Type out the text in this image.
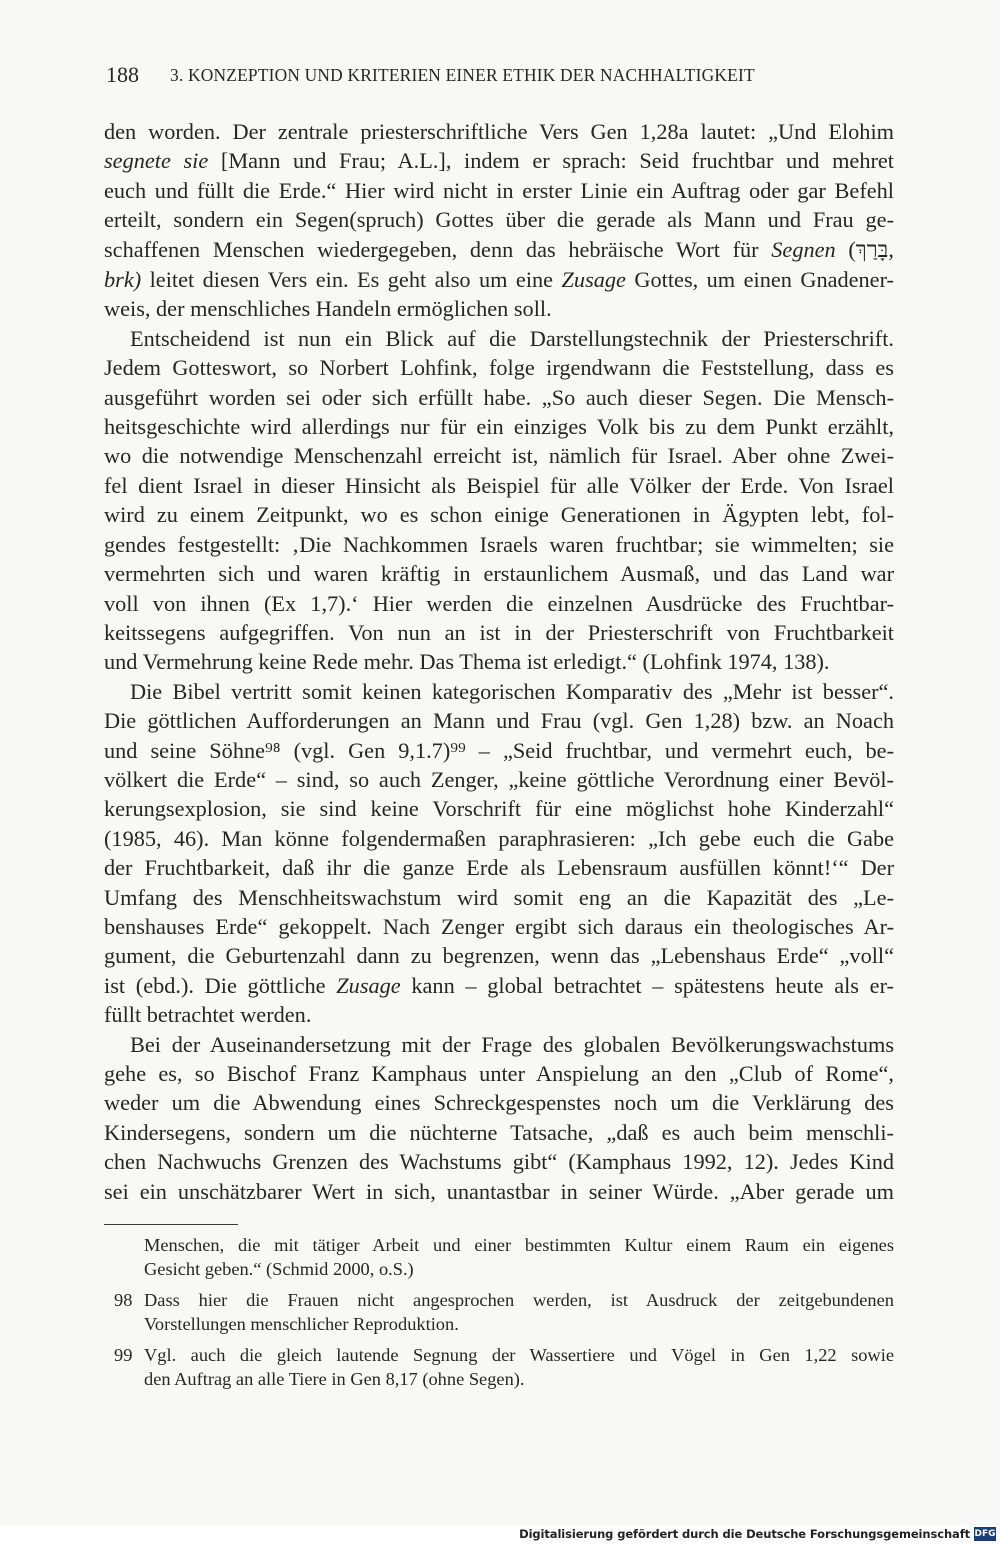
188 3. KONZEPTION UND KRITERIEN EINER ETHIK DER NACHHALTIGKEIT
den worden. Der zentrale priesterschriftliche Vers Gen 1,28a lautet: „Und Elohim
segnete sie [Mann und Frau; A.L.], indem er sprach: Seid fruchtbar und mehret
euch und füllt die Erde.“ Hier wird nicht in erster Linie ein Auftrag oder gar Befehl
erteilt, sondern ein Segen(spruch) Gottes über die gerade als Mann und Frau ge-
schaffenen Menschen wiedergegeben, denn das hebräische Wort für Segnen (בָּרַךְ,
brk) leitet diesen Vers ein. Es geht also um eine Zusage Gottes, um einen Gnadener-
weis, der menschliches Handeln ermöglichen soll.
Entscheidend ist nun ein Blick auf die Darstellungstechnik der Priesterschrift.
Jedem Gotteswort, so Norbert Lohfink, folge irgendwann die Feststellung, dass es
ausgeführt worden sei oder sich erfüllt habe. „So auch dieser Segen. Die Mensch-
heitsgeschichte wird allerdings nur für ein einziges Volk bis zu dem Punkt erzählt,
wo die notwendige Menschenzahl erreicht ist, nämlich für Israel. Aber ohne Zwei-
fel dient Israel in dieser Hinsicht als Beispiel für alle Völker der Erde. Von Israel
wird zu einem Zeitpunkt, wo es schon einige Generationen in Ägypten lebt, fol-
gendes festgestellt: ‚Die Nachkommen Israels waren fruchtbar; sie wimmelten; sie
vermehrten sich und waren kräftig in erstaunlichem Ausmaß, und das Land war
voll von ihnen (Ex 1,7).‘ Hier werden die einzelnen Ausdrücke des Fruchtbar-
keitssegens aufgegriffen. Von nun an ist in der Priesterschrift von Fruchtbarkeit
und Vermehrung keine Rede mehr. Das Thema ist erledigt.“ (Lohfink 1974, 138).
Die Bibel vertritt somit keinen kategorischen Komparativ des „Mehr ist besser“.
Die göttlichen Aufforderungen an Mann und Frau (vgl. Gen 1,28) bzw. an Noach
und seine Söhne⁹⁸ (vgl. Gen 9,1.7)⁹⁹ – „Seid fruchtbar, und vermehrt euch, be-
völkert die Erde“ – sind, so auch Zenger, „keine göttliche Verordnung einer Bevöl-
kerungsexplosion, sie sind keine Vorschrift für eine möglichst hohe Kinderzahl“
(1985, 46). Man könne folgendermaßen paraphrasieren: „Ich gebe euch die Gabe
der Fruchtbarkeit, daß ihr die ganze Erde als Lebensraum ausfüllen könnt!‘“ Der
Umfang des Menschheitswachstum wird somit eng an die Kapazität des „Le-
benshauses Erde“ gekoppelt. Nach Zenger ergibt sich daraus ein theologisches Ar-
gument, die Geburtenzahl dann zu begrenzen, wenn das „Lebenshaus Erde“ „voll“
ist (ebd.). Die göttliche Zusage kann – global betrachtet – spätestens heute als er-
füllt betrachtet werden.
Bei der Auseinandersetzung mit der Frage des globalen Bevölkerungswachstums
gehe es, so Bischof Franz Kamphaus unter Anspielung an den „Club of Rome“,
weder um die Abwendung eines Schreckgespenstes noch um die Verklärung des
Kindersegens, sondern um die nüchterne Tatsache, „daß es auch beim menschli-
chen Nachwuchs Grenzen des Wachstums gibt“ (Kamphaus 1992, 12). Jedes Kind
sei ein unschätzbarer Wert in sich, unantastbar in seiner Würde. „Aber gerade um
Menschen, die mit tätiger Arbeit und einer bestimmten Kultur einem Raum ein eigenes
Gesicht geben.“ (Schmid 2000, o.S.)
98 Dass hier die Frauen nicht angesprochen werden, ist Ausdruck der zeitgebundenen
Vorstellungen menschlicher Reproduktion.
99 Vgl. auch die gleich lautende Segnung der Wassertiere und Vögel in Gen 1,22 sowie
den Auftrag an alle Tiere in Gen 8,17 (ohne Segen).
Digitalisierung gefördert durch die Deutsche Forschungsgemeinschaft DFG
